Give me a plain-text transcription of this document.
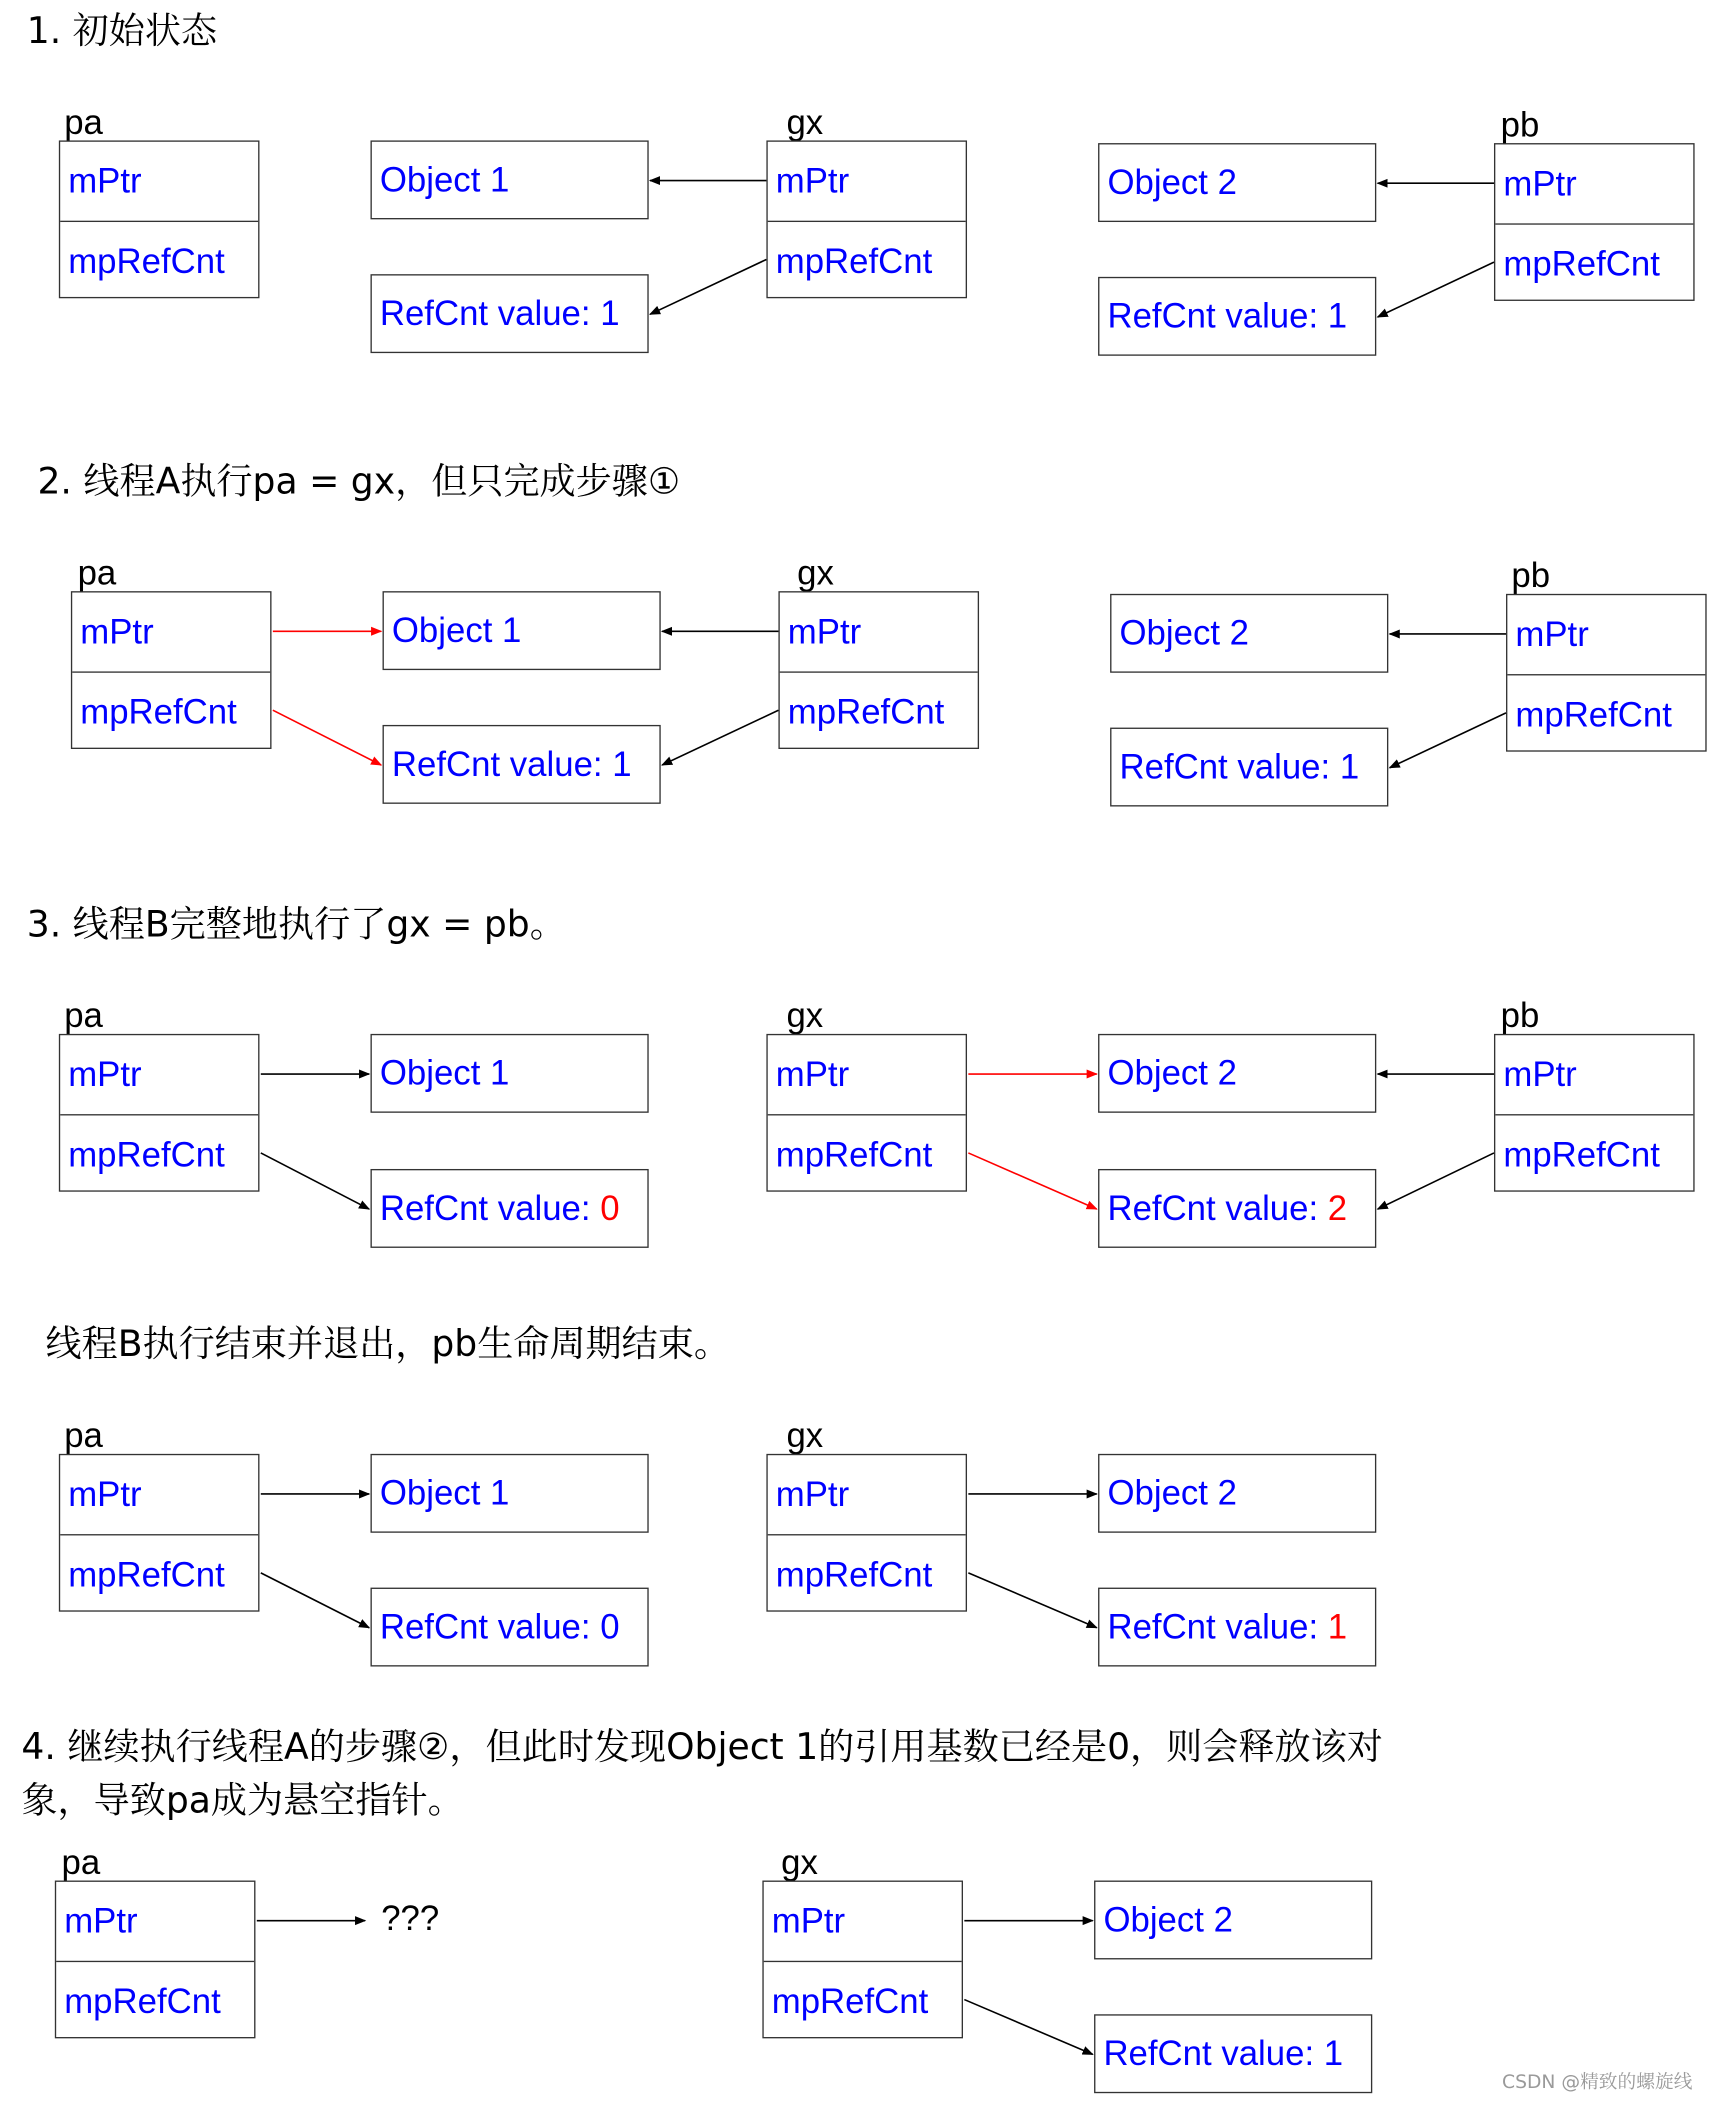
1. 初始状态
pa
mPtr
mpRefCnt
Object 1
RefCnt value: 1
gx
mPtr
mpRefCnt
Object 2
RefCnt value: 1
pb
mPtr
mpRefCnt
2. 线程A执行pa = gx，但只完成步骤①
pa
mPtr
mpRefCnt
Object 1
RefCnt value: 1
gx
mPtr
mpRefCnt
Object 2
RefCnt value: 1
pb
mPtr
mpRefCnt
3. 线程B完整地执行了gx = pb。
pa
mPtr
mpRefCnt
Object 1
RefCnt value: 0
gx
mPtr
mpRefCnt
Object 2
RefCnt value: 2
pb
mPtr
mpRefCnt
线程B执行结束并退出，pb生命周期结束。
pa
mPtr
mpRefCnt
Object 1
RefCnt value: 0
gx
mPtr
mpRefCnt
Object 2
RefCnt value: 1
4. 继续执行线程A的步骤②，但此时发现Object 1的引用基数已经是0，则会释放该对象，导致pa成为悬空指针。
pa
mPtr
mpRefCnt
???
gx
mPtr
mpRefCnt
Object 2
RefCnt value: 1
CSDN @精致的螺旋线
